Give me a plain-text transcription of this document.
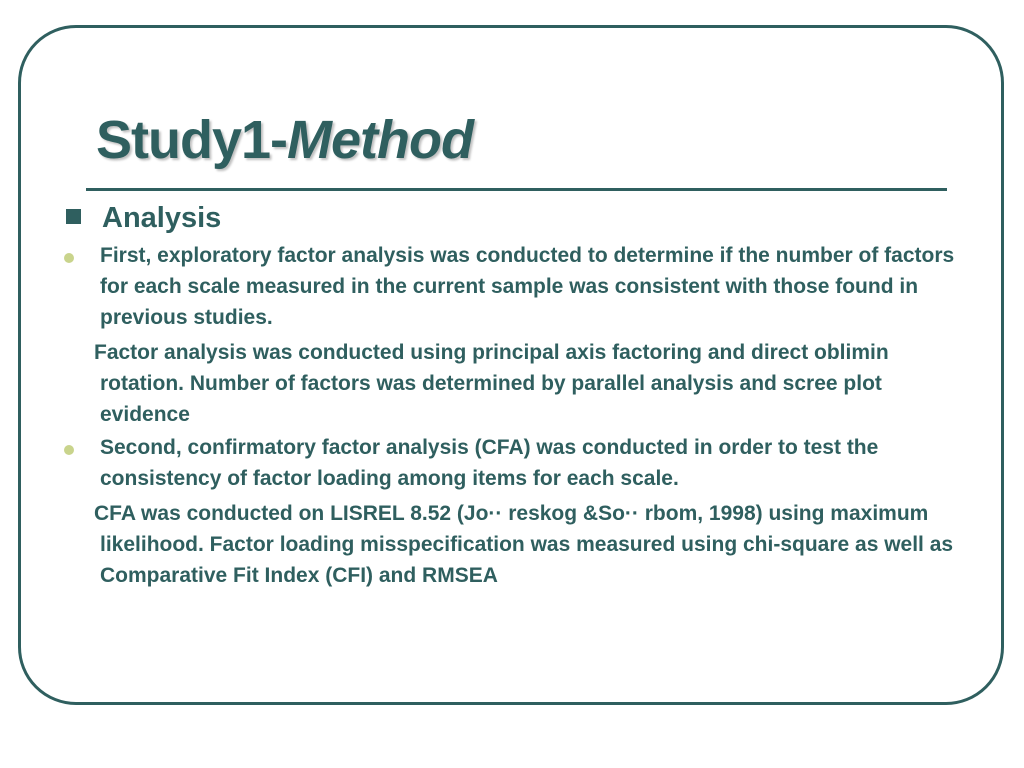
Study1-Method
Analysis
First, exploratory factor analysis was conducted to determine if the number of factors for each scale measured in the current sample was consistent with those found in previous studies.
Factor analysis was conducted using principal axis factoring and direct oblimin rotation. Number of factors was determined by parallel analysis and scree plot evidence
Second, confirmatory factor analysis (CFA) was conducted in order to test the consistency of factor loading among items for each scale.
CFA was conducted on LISREL 8.52 (Jo·· reskog &So·· rbom, 1998) using maximum likelihood. Factor loading misspecification was measured using chi-square as well as Comparative Fit Index (CFI) and RMSEA
